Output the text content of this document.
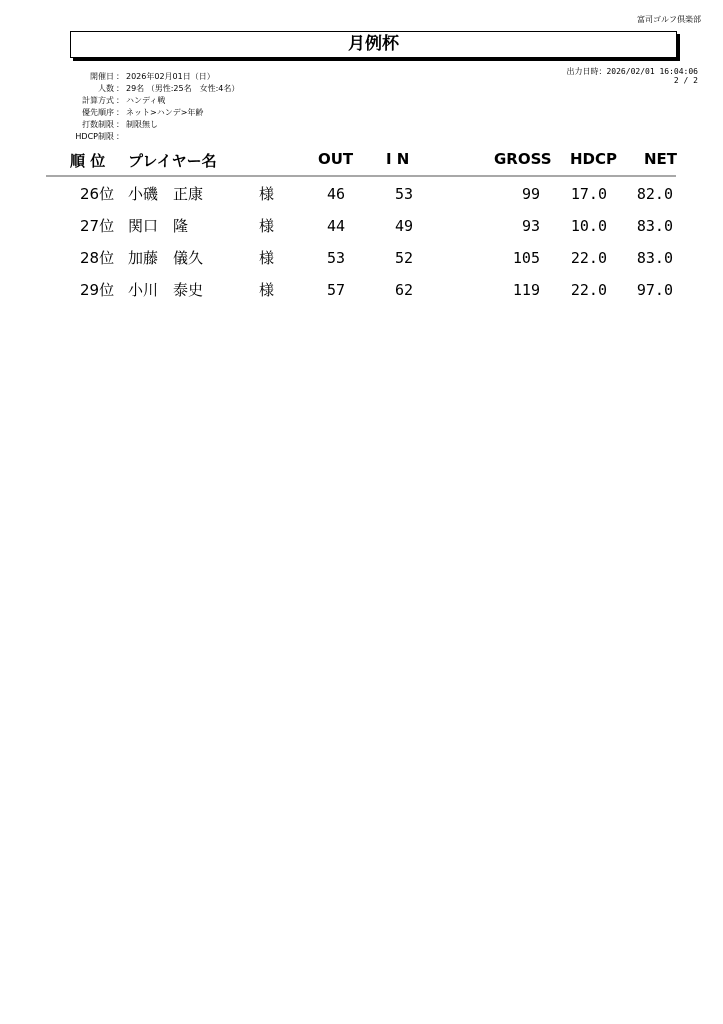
富司ゴルフ倶楽部
月例杯
出力日時：2026/02/01 16:04:06
2 / 2
開催日 ： 2026年02月01日（日）
人数 ： 29名 （男性:25名　女性:4名）
計算方式 ： ハンディ戦
優先順序 ： ネット>ハンデ>年齢
打数制限 ： 制限無し
HDCP制限 ：
順 位 プレイヤー名	OUT I N	GROSS HDCP NET
26位 小磯　正康	様	46	53	99 17.0 82.0
27位 関口　隆	様	44	49	93 10.0 83.0
28位 加藤　儀久	様	53	52	105 22.0 83.0
29位 小川　泰史	様	57	62	119 22.0 97.0
